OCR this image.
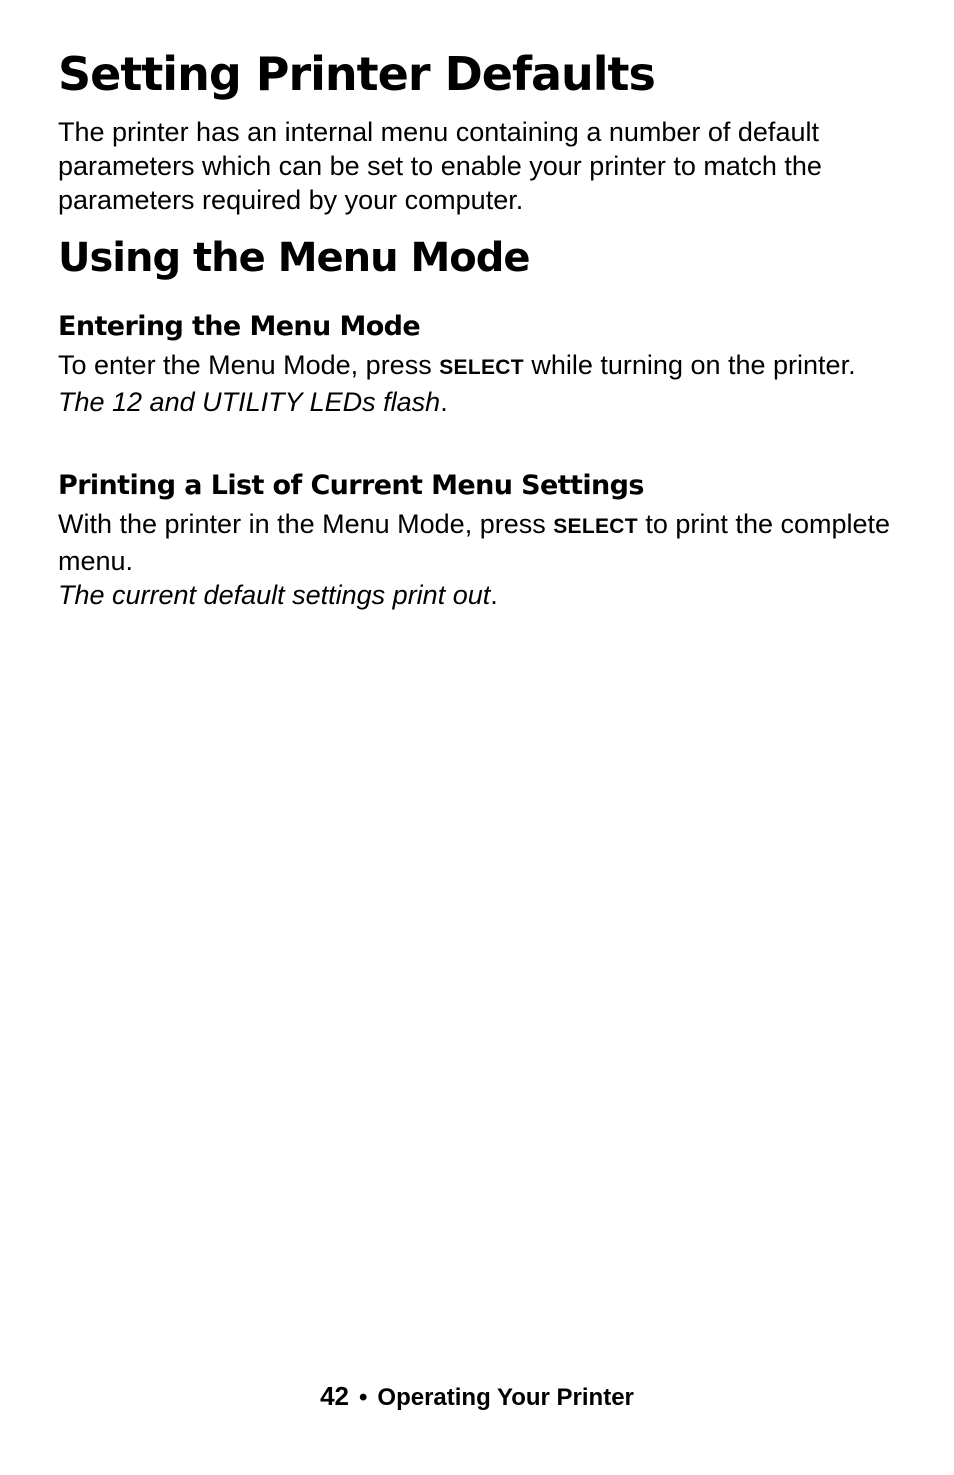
Setting Printer Defaults

The printer has an internal menu containing a number of default parameters which can be set to enable your printer to match the parameters required by your computer.

Using the Menu Mode
Entering the Menu Mode
To enter the Menu Mode, press SELECT while turning on the printer.
The 12 and UTILITY LEDs flash.
Printing a List of Current Menu Settings
With the printer in the Menu Mode, press SELECT to print the complete menu.
The current default settings print out.
42 • Operating Your Printer
